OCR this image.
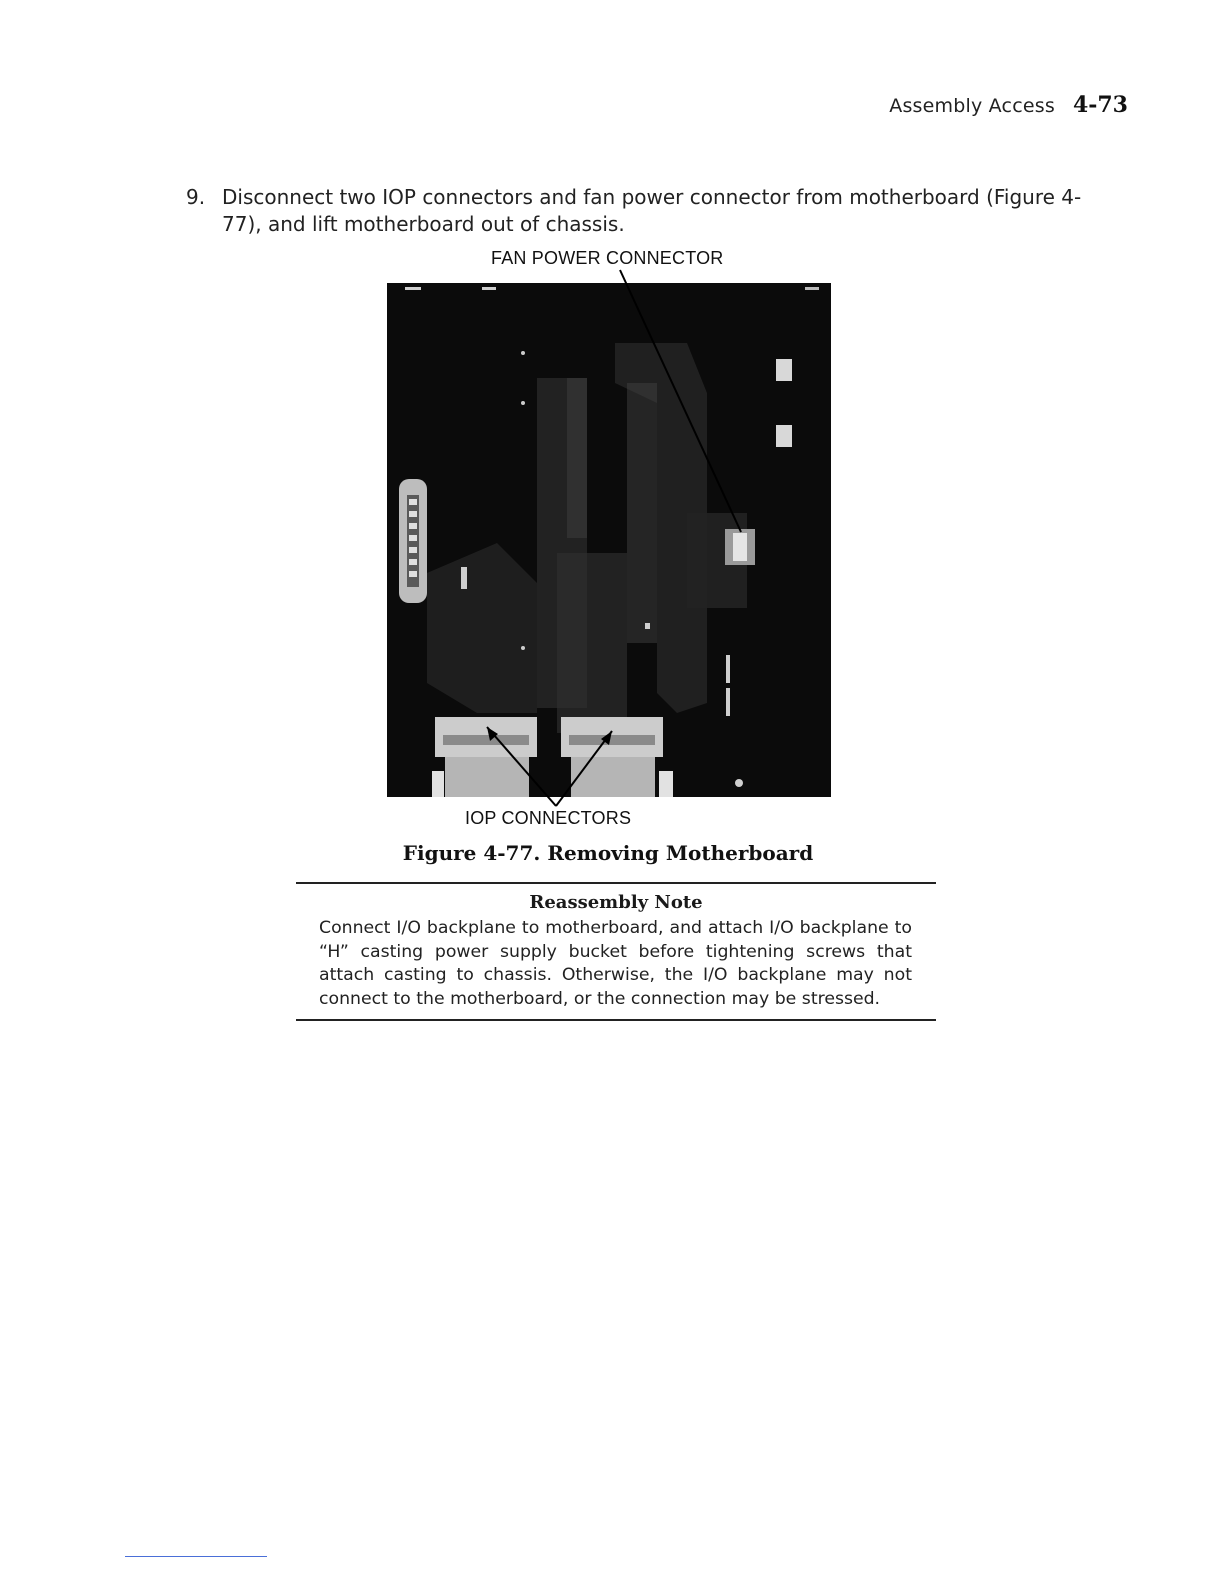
Assembly Access 4-73
9. Disconnect two IOP connectors and fan power connector from motherboard (Figure 4-77), and lift motherboard out of chassis.
FAN POWER CONNECTOR
IOP CONNECTORS
Figure 4-77. Removing Motherboard
Reassembly Note
Connect I/O backplane to motherboard, and attach I/O backplane to “H” casting power supply bucket before tightening screws that attach casting to chassis. Otherwise, the I/O backplane may not connect to the motherboard, or the connection may be stressed.
